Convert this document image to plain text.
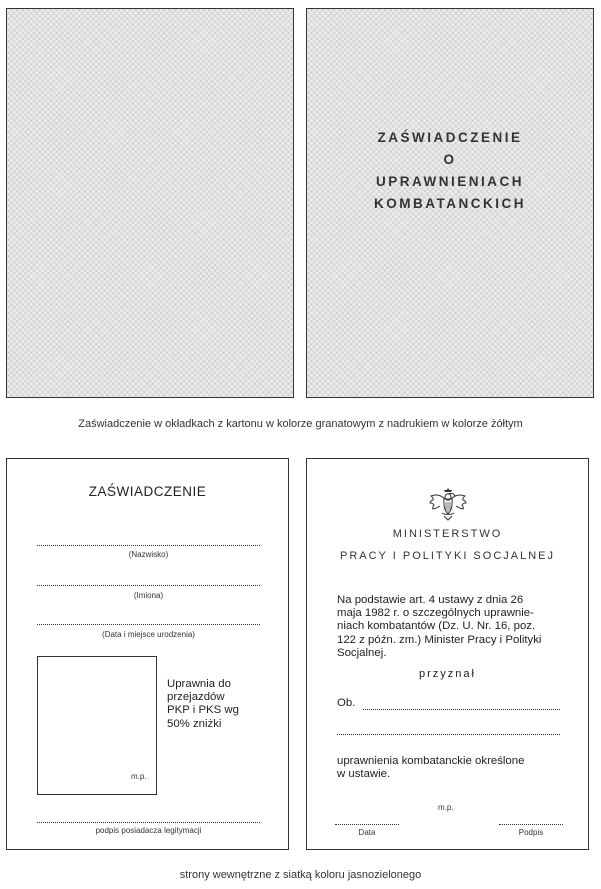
ZAŚWIADCZENIE
O
UPRAWNIENIACH
KOMBATANCKICH
Zaświadczenie w okładkach z kartonu w kolorze granatowym z nadrukiem w kolorze żółtym
ZAŚWIADCZENIE
(Nazwisko)
(Imiona)
(Data i miejsce urodzenia)
m.p.
Uprawnia do
przejazdów
PKP i PKS wg
50% zniżki
podpis posiadacza legitymacji
MINISTERSTWO
PRACY I POLITYKI SOCJALNEJ
Na podstawie art. 4 ustawy z dnia 26
maja 1982 r. o szczególnych uprawnie-
niach kombatantów (Dz. U. Nr. 16, poz.
122 z późn. zm.) Minister Pracy i Polityki
Socjalnej.
przyznał
Ob.
uprawnienia kombatanckie określone
w ustawie.
m.p.
Data	Podpis
strony wewnętrzne z siatką koloru jasnozielonego
